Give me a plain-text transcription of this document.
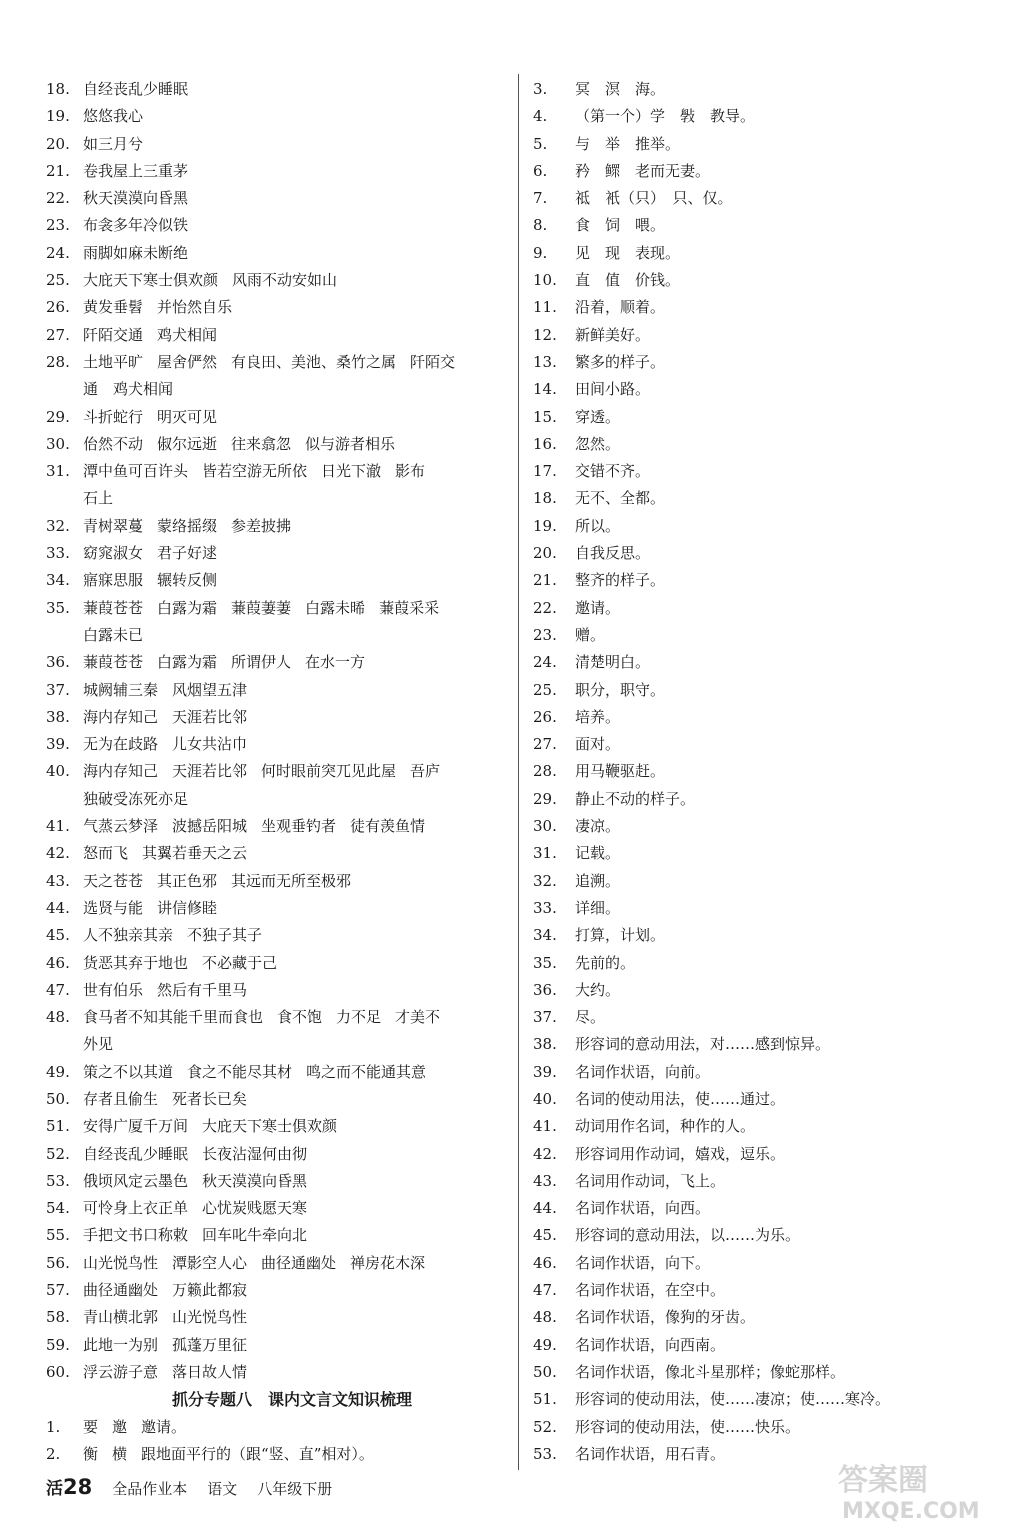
18. 自经丧乱少睡眠
19. 悠悠我心
20. 如三月兮
21. 卷我屋上三重茅
22. 秋天漠漠向昏黑
23. 布衾多年冷似铁
24. 雨脚如麻未断绝
25. 大庇天下寒士俱欢颜 风雨不动安如山
26. 黄发垂髫 并怡然自乐
27. 阡陌交通 鸡犬相闻
28. 土地平旷 屋舍俨然 有良田、美池、桑竹之属 阡陌交
通　鸡犬相闻
29. 斗折蛇行 明灭可见
30. 佁然不动 俶尔远逝 往来翕忽 似与游者相乐
31. 潭中鱼可百许头 皆若空游无所依 日光下澈 影布
石上
32. 青树翠蔓 蒙络摇缀 参差披拂
33. 窈窕淑女 君子好逑
34. 寤寐思服 辗转反侧
35. 蒹葭苍苍 白露为霜 蒹葭萋萋 白露未晞 蒹葭采采
白露未已
36. 蒹葭苍苍 白露为霜 所谓伊人 在水一方
37. 城阙辅三秦 风烟望五津
38. 海内存知己 天涯若比邻
39. 无为在歧路 儿女共沾巾
40. 海内存知己 天涯若比邻 何时眼前突兀见此屋 吾庐
独破受冻死亦足
41. 气蒸云梦泽 波撼岳阳城 坐观垂钓者 徒有羡鱼情
42. 怒而飞 其翼若垂天之云
43. 天之苍苍 其正色邪 其远而无所至极邪
44. 选贤与能 讲信修睦
45. 人不独亲其亲 不独子其子
46. 货恶其弃于地也 不必藏于己
47. 世有伯乐 然后有千里马
48. 食马者不知其能千里而食也 食不饱 力不足 才美不
外见
49. 策之不以其道 食之不能尽其材 鸣之而不能通其意
50. 存者且偷生 死者长已矣
51. 安得广厦千万间 大庇天下寒士俱欢颜
52. 自经丧乱少睡眠 长夜沾湿何由彻
53. 俄顷风定云墨色 秋天漠漠向昏黑
54. 可怜身上衣正单 心忧炭贱愿天寒
55. 手把文书口称敕 回车叱牛牵向北
56. 山光悦鸟性 潭影空人心 曲径通幽处 禅房花木深
57. 曲径通幽处 万籁此都寂
58. 青山横北郭 山光悦鸟性
59. 此地一为别 孤蓬万里征
60. 浮云游子意 落日故人情
抓分专题八　课内文言文知识梳理
1.	要 邀 邀请。
2.	衡 横 跟地面平行的（跟“竖、直”相对）。
3.	冥　溟　海。
4.	（第一个）学　斅　教导。
5.	与　举　推举。
6.	矜　鳏　老而无妻。
7.	祗　衹（只）　只、仅。
8.	食　饲　喂。
9.	见　现　表现。
10.	直　值　价钱。
11.	沿着，顺着。
12.	新鲜美好。
13.	繁多的样子。
14.	田间小路。
15.	穿透。
16.	忽然。
17.	交错不齐。
18.	无不、全都。
19.	所以。
20.	自我反思。
21.	整齐的样子。
22.	邀请。
23.	赠。
24.	清楚明白。
25.	职分，职守。
26.	培养。
27.	面对。
28.	用马鞭驱赶。
29.	静止不动的样子。
30.	凄凉。
31.	记载。
32.	追溯。
33.	详细。
34.	打算，计划。
35.	先前的。
36.	大约。
37.	尽。
38.	形容词的意动用法，对……感到惊异。
39.	名词作状语，向前。
40.	名词的使动用法，使……通过。
41.	动词用作名词，种作的人。
42.	形容词用作动词，嬉戏，逗乐。
43.	名词用作动词，飞上。
44.	名词作状语，向西。
45.	形容词的意动用法，以……为乐。
46.	名词作状语，向下。
47.	名词作状语，在空中。
48.	名词作状语，像狗的牙齿。
49.	名词作状语，向西南。
50.	名词作状语，像北斗星那样；像蛇那样。
51.	形容词的使动用法，使……凄凉；使……寒冷。
52.	形容词的使动用法，使……快乐。
53.	名词作状语，用石青。
活 28 全品作业本 语文 八年级下册	答案圈
MXQE.COM
